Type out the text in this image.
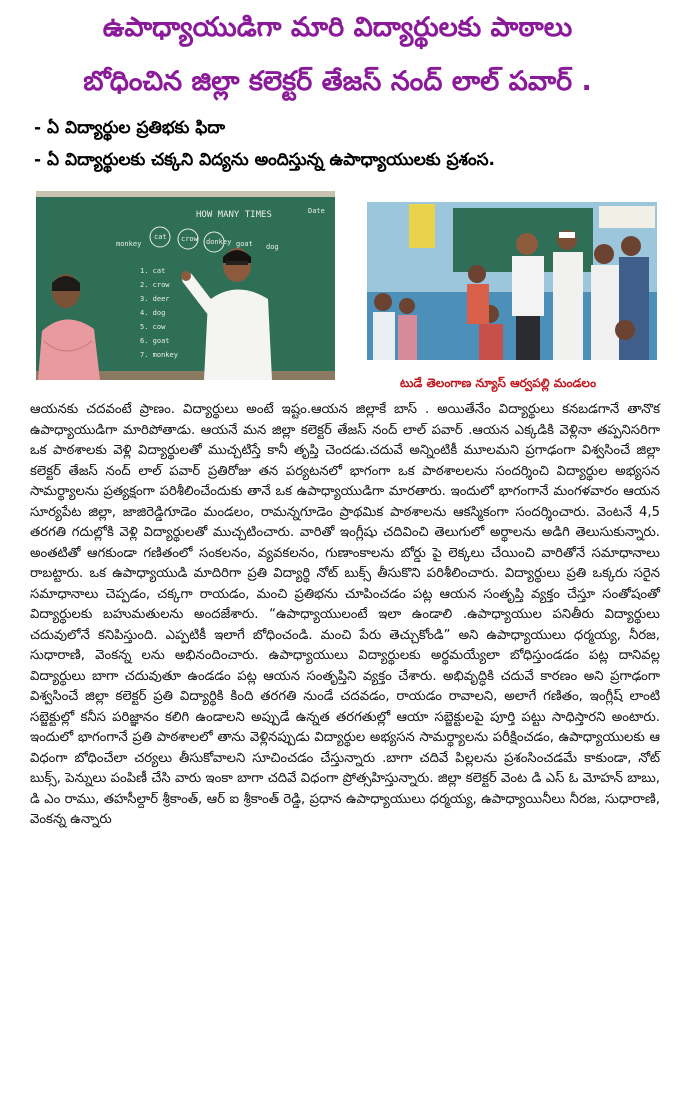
ఉపాధ్యాయుడిగా మారి విద్యార్థులకు పాఠాలు
బోధించిన జిల్లా కలెక్టర్ తేజస్ నంద్ లాల్ పవార్ .
- ఏ విద్యార్థుల ప్రతిభకు ఫిదా
- ఏ విద్యార్థులకు చక్కని విద్యను అందిస్తున్న ఉపాధ్యాయులకు ప్రశంస.
HOW MANY TIMES	Date
monkey
cat crow donkey goat dog
1. cat
2. crow
3. deer
4. dog
5. cow
6. goat
7. monkey
టుడే తెలంగాణ న్యూస్ ఆర్వపల్లి మండలం
ఆయనకు చదవంటే ప్రాణం. విద్యార్థులు అంటే ఇష్టం.ఆయన జిల్లాకే బాస్ . అయితేనేం విద్యార్థులు కనబడగానే తానొక ఉపాధ్యాయుడిగా మారిపోతాడు. ఆయనే మన జిల్లా కలెక్టర్ తేజస్ నంద్ లాల్ పవార్ .ఆయన ఎక్కడికి వెళ్లినా తప్పనిసరిగా ఒక పాఠశాలకు వెళ్లి విద్యార్థులతో ముచ్చటిస్తే కానీ తృప్తి చెందడు.చదువే అన్నింటికీ మూలమని ప్రగాఢంగా విశ్వసించే జిల్లా కలెక్టర్ తేజస్ నంద్ లాల్ పవార్ ప్రతిరోజు తన పర్యటనలో భాగంగా ఒక పాఠశాలలను సందర్శించి విద్యార్థుల అభ్యసన సామర్థ్యాలను ప్రత్యక్షంగా పరిశీలించేందుకు తానే ఒక ఉపాధ్యాయుడిగా మారతారు. ఇందులో భాగంగానే మంగళవారం ఆయన సూర్యపేట జిల్లా, జాజిరెడ్డిగూడెం మండలం, రామన్నగూడెం ప్రాథమిక పాఠశాలను ఆకస్మికంగా సందర్శించారు. వెంటనే 4,5 తరగతి గదుల్లోకి వెళ్లి విద్యార్థులతో ముచ్చటించారు. వారితో ఇంగ్లీషు చదివించి తెలుగులో అర్థాలను అడిగి తెలుసుకున్నారు. అంతటితో ఆగకుండా గణితంలో సంకలనం, వ్యవకలనం, గుణాంకాలను బోర్డు పై లెక్కలు చేయించి వారితోనే సమాధానాలు రాబట్టారు. ఒక ఉపాధ్యాయుడి మాదిరిగా ప్రతి విద్యార్థి నోట్ బుక్స్ తీసుకొని పరిశీలించారు. విద్యార్థులు ప్రతి ఒక్కరు సరైన సమాధానాలు చెప్పడం, చక్కగా రాయడం, మంచి ప్రతిభను చూపించడం పట్ల ఆయన సంతృప్తి వ్యక్తం చేస్తూ సంతోషంతో విద్యార్థులకు బహుమతులను అందజేశారు. “ఉపాధ్యాయులంటే ఇలా ఉండాలి .ఉపాధ్యాయుల పనితీరు విద్యార్థులు చదువులోనే కనిపిస్తుంది. ఎప్పటికీ ఇలాగే బోధించండి. మంచి పేరు తెచ్చుకోండి” అని ఉపాధ్యాయులు ధర్మయ్య, నీరజ, సుధారాణి, వెంకన్న లను అభినందించారు. ఉపాధ్యాయులు విద్యార్థులకు అర్థమయ్యేలా బోధిస్తుండడం పట్ల దానివల్ల విద్యార్థులు బాగా చదువుతూ ఉండడం పట్ల ఆయన సంతృప్తిని వ్యక్తం చేశారు. అభివృద్ధికి చదువే కారణం అని ప్రగాఢంగా విశ్వసించే జిల్లా కలెక్టర్ ప్రతి విద్యార్థికి కింది తరగతి నుండే చదవడం, రాయడం రావాలని, అలాగే గణితం, ఇంగ్లీష్ లాంటి సబ్జెక్టుల్లో కనీస పరిజ్ఞానం కలిగి ఉండాలని అప్పుడే ఉన్నత తరగతుల్లో ఆయా సబ్జెక్టులపై పూర్తి పట్టు సాధిస్తారని అంటారు. ఇందులో భాగంగానే ప్రతి పాఠశాలలో తాను వెళ్లినప్పుడు విద్యార్థుల అభ్యసన సామర్థ్యాలను పరీక్షించడం, ఉపాధ్యాయులకు ఆ విధంగా బోధించేలా చర్యలు తీసుకోవాలని సూచించడం చేస్తున్నారు .బాగా చదివే పిల్లలను ప్రశంసించడమే కాకుండా, నోట్ బుక్స్, పెన్నులు పంపిణీ చేసి వారు ఇంకా బాగా చదివే విధంగా ప్రోత్సహిస్తున్నారు. జిల్లా కలెక్టర్ వెంట డి ఎస్ ఓ మోహన్ బాబు, డి ఎం రాము, తహసీల్దార్ శ్రీకాంత్, ఆర్ ఐ శ్రీకాంత్ రెడ్డి, ప్రధాన ఉపాధ్యాయులు ధర్మయ్య, ఉపాధ్యాయినీలు నీరజ, సుధారాణి, వెంకన్న ఉన్నారు
